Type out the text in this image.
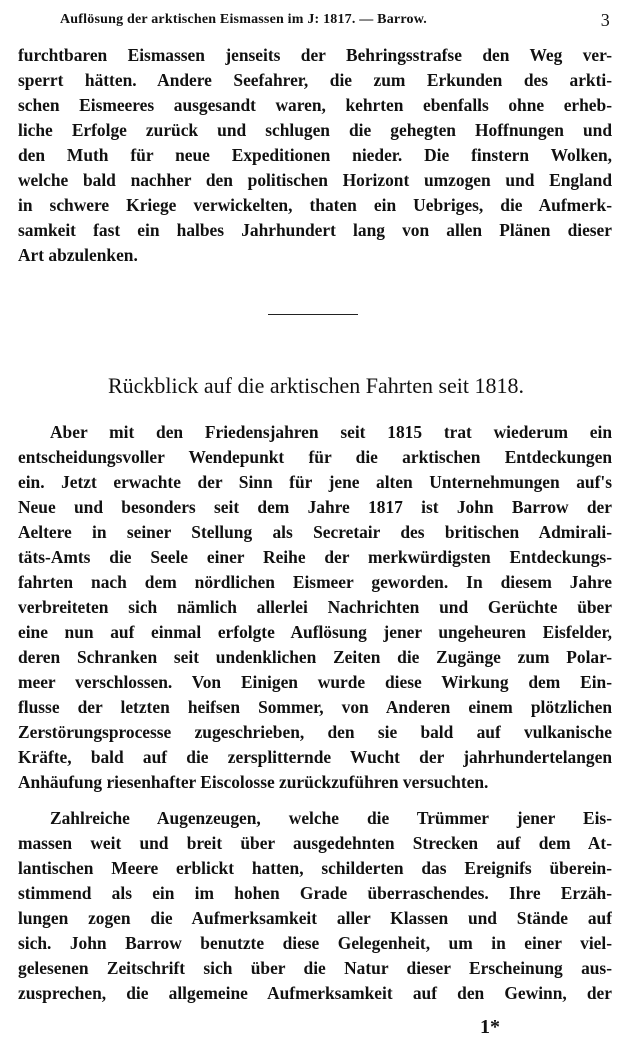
Auflösung der arktischen Eismassen im J: 1817. — Barrow.	3
furchtbaren Eismassen jenseits der Behringsstrafse den Weg ver-
sperrt hätten. Andere Seefahrer, die zum Erkunden des arkti-
schen Eismeeres ausgesandt waren, kehrten ebenfalls ohne erheb-
liche Erfolge zurück und schlugen die gehegten Hoffnungen und
den Muth für neue Expeditionen nieder. Die finstern Wolken,
welche bald nachher den politischen Horizont umzogen und England
in schwere Kriege verwickelten, thaten ein Uebriges, die Aufmerk-
samkeit fast ein halbes Jahrhundert lang von allen Plänen dieser
Art abzulenken.
Rückblick auf die arktischen Fahrten seit 1818.
Aber mit den Friedensjahren seit 1815 trat wiederum ein
entscheidungsvoller Wendepunkt für die arktischen Entdeckungen
ein. Jetzt erwachte der Sinn für jene alten Unternehmungen auf's
Neue und besonders seit dem Jahre 1817 ist John Barrow der
Aeltere in seiner Stellung als Secretair des britischen Admirali-
täts-Amts die Seele einer Reihe der merkwürdigsten Entdeckungs-
fahrten nach dem nördlichen Eismeer geworden. In diesem Jahre
verbreiteten sich nämlich allerlei Nachrichten und Gerüchte über
eine nun auf einmal erfolgte Auflösung jener ungeheuren Eisfelder,
deren Schranken seit undenklichen Zeiten die Zugänge zum Polar-
meer verschlossen. Von Einigen wurde diese Wirkung dem Ein-
flusse der letzten heifsen Sommer, von Anderen einem plötzlichen
Zerstörungsprocesse zugeschrieben, den sie bald auf vulkanische
Kräfte, bald auf die zersplitternde Wucht der jahrhundertelangen
Anhäufung riesenhafter Eiscolosse zurückzuführen versuchten.
Zahlreiche Augenzeugen, welche die Trümmer jener Eis-
massen weit und breit über ausgedehnten Strecken auf dem At-
lantischen Meere erblickt hatten, schilderten das Ereignifs überein-
stimmend als ein im hohen Grade überraschendes. Ihre Erzäh-
lungen zogen die Aufmerksamkeit aller Klassen und Stände auf
sich. John Barrow benutzte diese Gelegenheit, um in einer viel-
gelesenen Zeitschrift sich über die Natur dieser Erscheinung aus-
zusprechen, die allgemeine Aufmerksamkeit auf den Gewinn, der
1*
